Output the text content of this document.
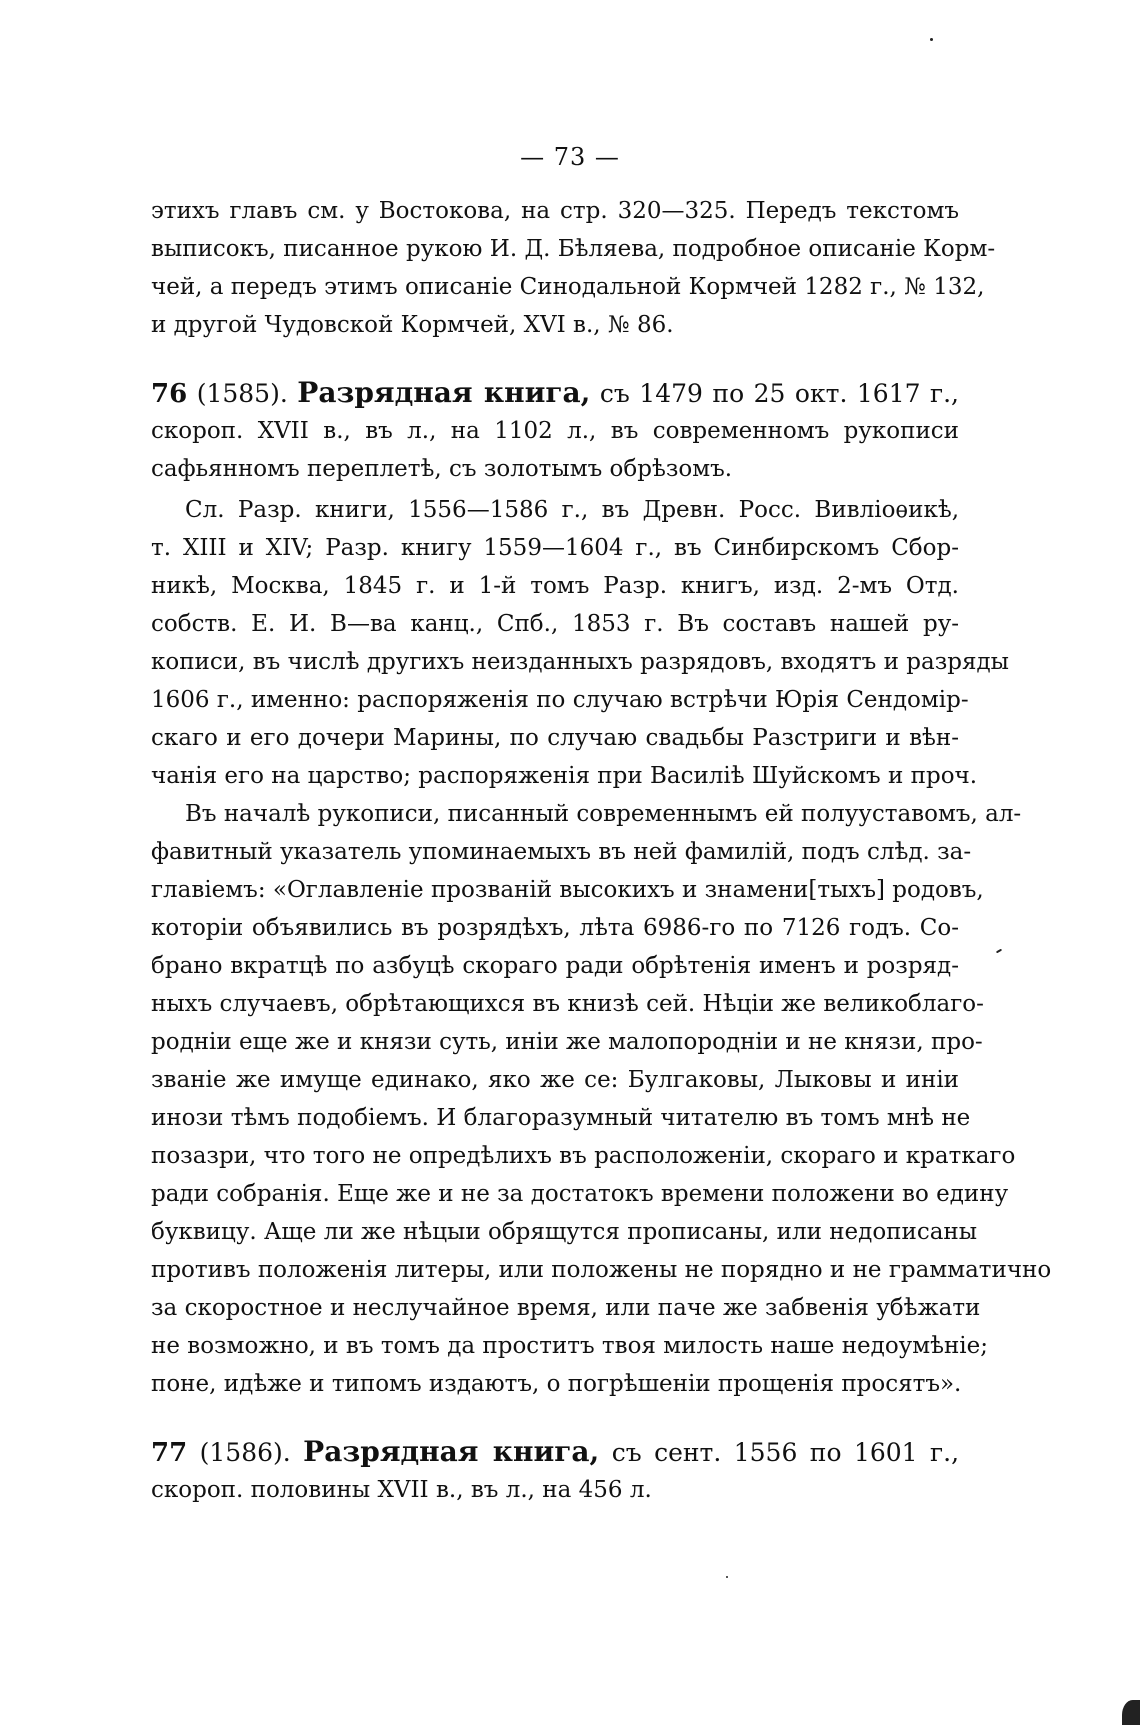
— 73 —
этихъ главъ см. у Востокова, на стр. 320—325. Передъ текстомъ
выписокъ, писанное рукою И. Д. Бѣляева, подробное описаніе Корм-
чей, а передъ этимъ описаніе Синодальной Кормчей 1282 г., № 132,
и другой Чудовской Кормчей, XVI в., № 86.
76 (1585). Разрядная книга, съ 1479 по 25 окт. 1617 г.,
скороп. XVII в., въ л., на 1102 л., въ современномъ рукописи
сафьянномъ переплетѣ, съ золотымъ обрѣзомъ.
Сл. Разр. книги, 1556—1586 г., въ Древн. Росс. Вивліоѳикѣ,
т. XIII и XIV; Разр. книгу 1559—1604 г., въ Синбирскомъ Сбор-
никѣ, Москва, 1845 г. и 1-й томъ Разр. книгъ, изд. 2-мъ Отд.
собств. Е. И. В—ва канц., Спб., 1853 г. Въ составъ нашей ру-
кописи, въ числѣ другихъ неизданныхъ разрядовъ, входятъ и разряды
1606 г., именно: распоряженія по случаю встрѣчи Юрія Сендоміp-
скаго и его дочери Марины, по случаю свадьбы Разстриги и вѣн-
чанія его на царство; распоряженія при Василіѣ Шуйскомъ и проч.
Въ началѣ рукописи, писанный современнымъ ей полууставомъ, ал-
фавитный указатель упоминаемыхъ въ ней фамилій, подъ слѣд. за-
главіемъ: «Оглавленіе прозваній высокихъ и знамени[тыхъ] родовъ,
которіи объявились въ розрядѣхъ, лѣта 6986-го по 7126 годъ. Со-
брано вкратцѣ по азбуцѣ скораго ради обрѣтенія именъ и розряд-
ныхъ случаевъ, обрѣтающихся въ книзѣ сей. Нѣціи же великоблаго-
родніи еще же и князи суть, иніи же малопородніи и не князи, про-
званіе же имуще единако, яко же се: Булгаковы, Лыковы и иніи
инози тѣмъ подобіемъ. И благоразумный читателю въ томъ мнѣ не
позазри, что того не опредѣлихъ въ расположеніи, скораго и краткаго
ради собранія. Еще же и не за достатокъ времени положени во едину
буквицу. Аще ли же нѣцыи обрящутся прописаны, или недописаны
противъ положенія литеры, или положены не порядно и не грамматично
за скоростное и неслучайное время, или паче же забвенія убѣжати
не возможно, и въ томъ да проститъ твоя милость наше недоумѣніе;
поне, идѣже и типомъ издаютъ, о погрѣшеніи прощенія просятъ».
77 (1586). Разрядная книга, съ сент. 1556 по 1601 г.,
скороп. половины XVII в., въ л., на 456 л.
